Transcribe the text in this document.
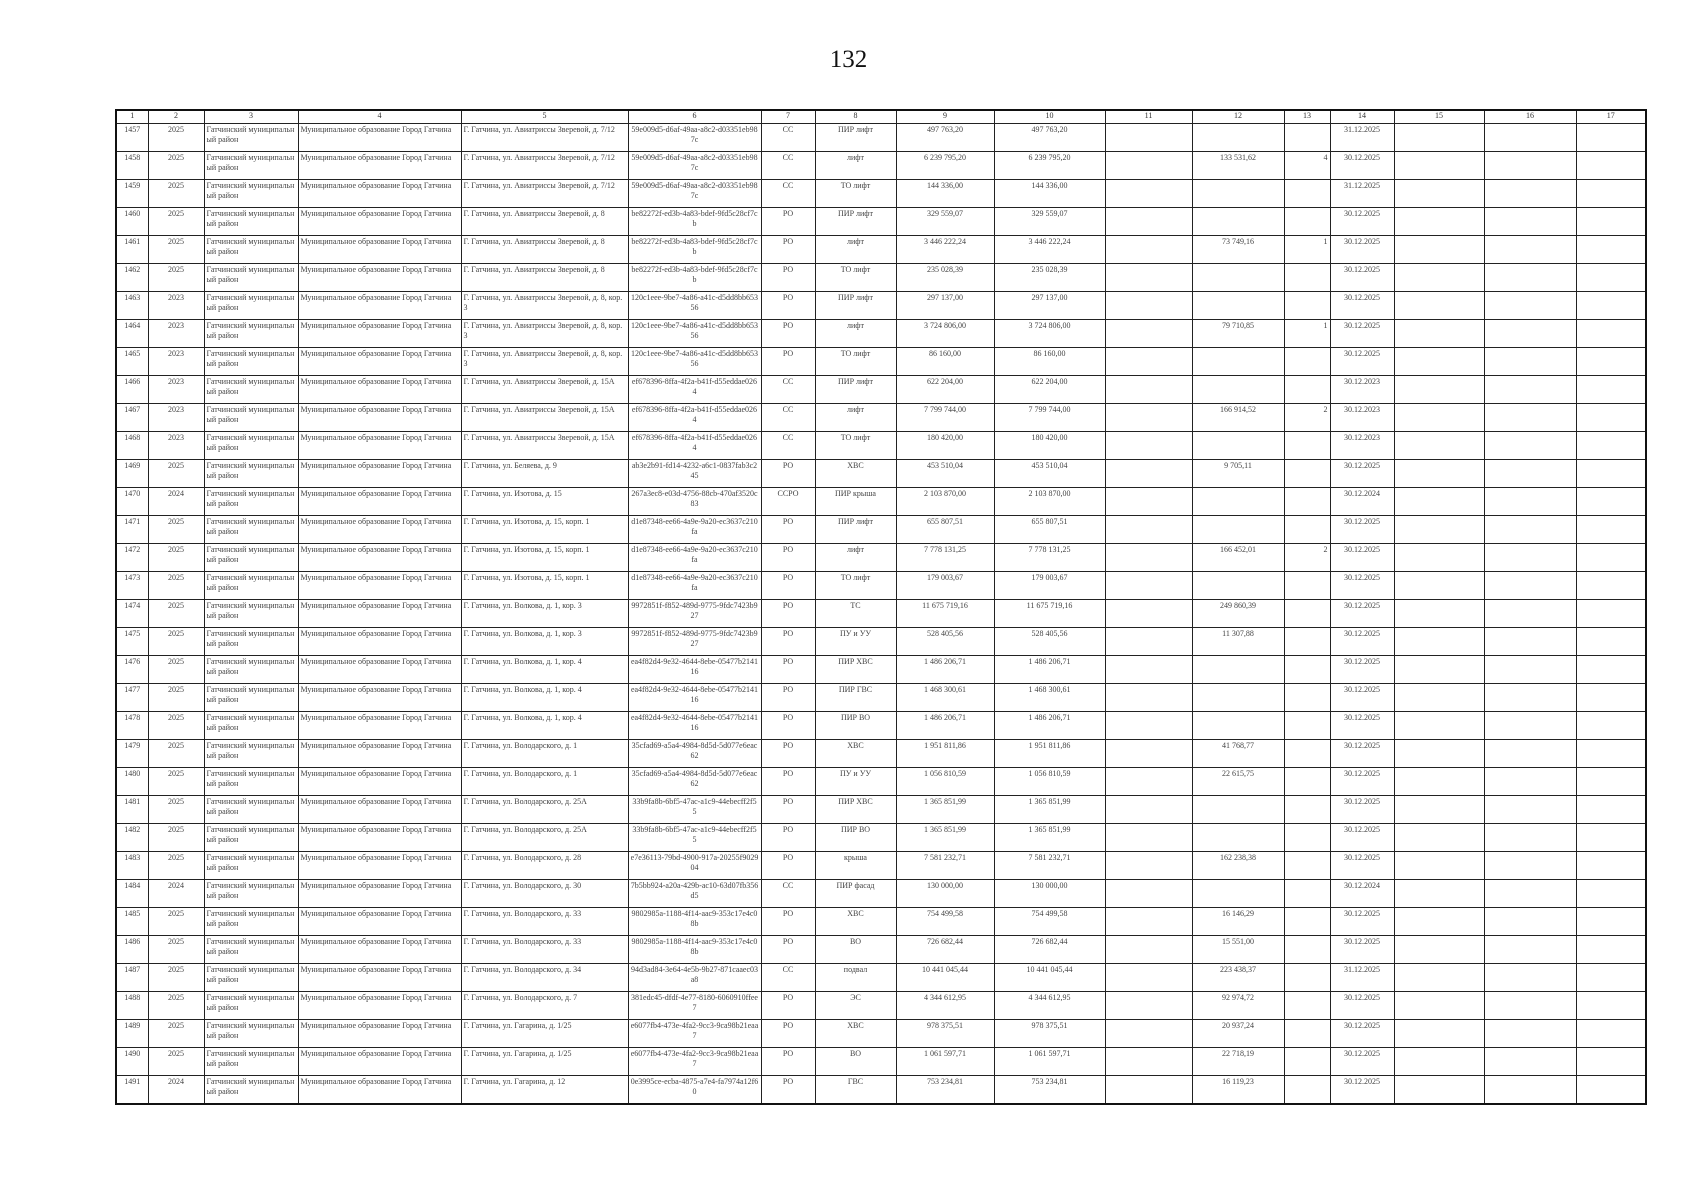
132
1	2	3	4	5	6	7	8	9	10	11	12	13	14	15	16	17
1457	2025	Гатчинский муниципальный район	Муниципальное образование Город Гатчина	Г. Гатчина, ул. Авиатриссы Зверевой, д. 7/12	59e009d5-d6af-49aa-a8c2-d03351eb987c	СС	ПИР лифт	497 763,20	497 763,20				31.12.2025			
1458	2025	Гатчинский муниципальный район	Муниципальное образование Город Гатчина	Г. Гатчина, ул. Авиатриссы Зверевой, д. 7/12	59e009d5-d6af-49aa-a8c2-d03351eb987c	СС	лифт	6 239 795,20	6 239 795,20		133 531,62	4	30.12.2025			
1459	2025	Гатчинский муниципальный район	Муниципальное образование Город Гатчина	Г. Гатчина, ул. Авиатриссы Зверевой, д. 7/12	59e009d5-d6af-49aa-a8c2-d03351eb987c	СС	ТО лифт	144 336,00	144 336,00				31.12.2025			
1460	2025	Гатчинский муниципальный район	Муниципальное образование Город Гатчина	Г. Гатчина, ул. Авиатриссы Зверевой, д. 8	be82272f-ed3b-4a83-bdef-9fd5c28cf7cb	РО	ПИР лифт	329 559,07	329 559,07				30.12.2025			
1461	2025	Гатчинский муниципальный район	Муниципальное образование Город Гатчина	Г. Гатчина, ул. Авиатриссы Зверевой, д. 8	be82272f-ed3b-4a83-bdef-9fd5c28cf7cb	РО	лифт	3 446 222,24	3 446 222,24		73 749,16	1	30.12.2025			
1462	2025	Гатчинский муниципальный район	Муниципальное образование Город Гатчина	Г. Гатчина, ул. Авиатриссы Зверевой, д. 8	be82272f-ed3b-4a83-bdef-9fd5c28cf7cb	РО	ТО лифт	235 028,39	235 028,39				30.12.2025			
1463	2023	Гатчинский муниципальный район	Муниципальное образование Город Гатчина	Г. Гатчина, ул. Авиатриссы Зверевой, д. 8, кор. 3	120c1eee-9be7-4a86-a41c-d5dd8bb65356	РО	ПИР лифт	297 137,00	297 137,00				30.12.2025			
1464	2023	Гатчинский муниципальный район	Муниципальное образование Город Гатчина	Г. Гатчина, ул. Авиатриссы Зверевой, д. 8, кор. 3	120c1eee-9be7-4a86-a41c-d5dd8bb65356	РО	лифт	3 724 806,00	3 724 806,00		79 710,85	1	30.12.2025			
1465	2023	Гатчинский муниципальный район	Муниципальное образование Город Гатчина	Г. Гатчина, ул. Авиатриссы Зверевой, д. 8, кор. 3	120c1eee-9be7-4a86-a41c-d5dd8bb65356	РО	ТО лифт	86 160,00	86 160,00				30.12.2025			
1466	2023	Гатчинский муниципальный район	Муниципальное образование Город Гатчина	Г. Гатчина, ул. Авиатриссы Зверевой, д. 15А	ef678396-8ffa-4f2a-b41f-d55eddae0264	СС	ПИР лифт	622 204,00	622 204,00				30.12.2023			
1467	2023	Гатчинский муниципальный район	Муниципальное образование Город Гатчина	Г. Гатчина, ул. Авиатриссы Зверевой, д. 15А	ef678396-8ffa-4f2a-b41f-d55eddae0264	СС	лифт	7 799 744,00	7 799 744,00		166 914,52	2	30.12.2023			
1468	2023	Гатчинский муниципальный район	Муниципальное образование Город Гатчина	Г. Гатчина, ул. Авиатриссы Зверевой, д. 15А	ef678396-8ffa-4f2a-b41f-d55eddae0264	СС	ТО лифт	180 420,00	180 420,00				30.12.2023			
1469	2025	Гатчинский муниципальный район	Муниципальное образование Город Гатчина	Г. Гатчина, ул. Беляева, д. 9	ab3e2b91-fd14-4232-a6c1-0837fab3c245	РО	ХВС	453 510,04	453 510,04		9 705,11		30.12.2025			
1470	2024	Гатчинский муниципальный район	Муниципальное образование Город Гатчина	Г. Гатчина, ул. Изотова, д. 15	267a3ec8-e03d-4756-88cb-470af3520c83	ССРО	ПИР крыша	2 103 870,00	2 103 870,00				30.12.2024			
1471	2025	Гатчинский муниципальный район	Муниципальное образование Город Гатчина	Г. Гатчина, ул. Изотова, д. 15, корп. 1	d1e87348-ee66-4a9e-9a20-ec3637c210fa	РО	ПИР лифт	655 807,51	655 807,51				30.12.2025			
1472	2025	Гатчинский муниципальный район	Муниципальное образование Город Гатчина	Г. Гатчина, ул. Изотова, д. 15, корп. 1	d1e87348-ee66-4a9e-9a20-ec3637c210fa	РО	лифт	7 778 131,25	7 778 131,25		166 452,01	2	30.12.2025			
1473	2025	Гатчинский муниципальный район	Муниципальное образование Город Гатчина	Г. Гатчина, ул. Изотова, д. 15, корп. 1	d1e87348-ee66-4a9e-9a20-ec3637c210fa	РО	ТО лифт	179 003,67	179 003,67				30.12.2025			
1474	2025	Гатчинский муниципальный район	Муниципальное образование Город Гатчина	Г. Гатчина, ул. Волкова, д. 1, кор. 3	9972851f-f852-489d-9775-9fdc7423b927	РО	ТС	11 675 719,16	11 675 719,16		249 860,39		30.12.2025			
1475	2025	Гатчинский муниципальный район	Муниципальное образование Город Гатчина	Г. Гатчина, ул. Волкова, д. 1, кор. 3	9972851f-f852-489d-9775-9fdc7423b927	РО	ПУ и УУ	528 405,56	528 405,56		11 307,88		30.12.2025			
1476	2025	Гатчинский муниципальный район	Муниципальное образование Город Гатчина	Г. Гатчина, ул. Волкова, д. 1, кор. 4	ea4f82d4-9e32-4644-8ebe-05477b214116	РО	ПИР ХВС	1 486 206,71	1 486 206,71				30.12.2025			
1477	2025	Гатчинский муниципальный район	Муниципальное образование Город Гатчина	Г. Гатчина, ул. Волкова, д. 1, кор. 4	ea4f82d4-9e32-4644-8ebe-05477b214116	РО	ПИР ГВС	1 468 300,61	1 468 300,61				30.12.2025			
1478	2025	Гатчинский муниципальный район	Муниципальное образование Город Гатчина	Г. Гатчина, ул. Волкова, д. 1, кор. 4	ea4f82d4-9e32-4644-8ebe-05477b214116	РО	ПИР ВО	1 486 206,71	1 486 206,71				30.12.2025			
1479	2025	Гатчинский муниципальный район	Муниципальное образование Город Гатчина	Г. Гатчина, ул. Володарского, д. 1	35cfad69-a5a4-4984-8d5d-5d077e6eac62	РО	ХВС	1 951 811,86	1 951 811,86		41 768,77		30.12.2025			
1480	2025	Гатчинский муниципальный район	Муниципальное образование Город Гатчина	Г. Гатчина, ул. Володарского, д. 1	35cfad69-a5a4-4984-8d5d-5d077e6eac62	РО	ПУ и УУ	1 056 810,59	1 056 810,59		22 615,75		30.12.2025			
1481	2025	Гатчинский муниципальный район	Муниципальное образование Город Гатчина	Г. Гатчина, ул. Володарского, д. 25А	33b9fa8b-6bf5-47ac-a1c9-44ebecff2f55	РО	ПИР ХВС	1 365 851,99	1 365 851,99				30.12.2025			
1482	2025	Гатчинский муниципальный район	Муниципальное образование Город Гатчина	Г. Гатчина, ул. Володарского, д. 25А	33b9fa8b-6bf5-47ac-a1c9-44ebecff2f55	РО	ПИР ВО	1 365 851,99	1 365 851,99				30.12.2025			
1483	2025	Гатчинский муниципальный район	Муниципальное образование Город Гатчина	Г. Гатчина, ул. Володарского, д. 28	e7e36113-79bd-4900-917a-20255f902904	РО	крыша	7 581 232,71	7 581 232,71		162 238,38		30.12.2025			
1484	2024	Гатчинский муниципальный район	Муниципальное образование Город Гатчина	Г. Гатчина, ул. Володарского, д. 30	7b5bb924-a20a-429b-ac10-63d07fb356d5	СС	ПИР фасад	130 000,00	130 000,00				30.12.2024			
1485	2025	Гатчинский муниципальный район	Муниципальное образование Город Гатчина	Г. Гатчина, ул. Володарского, д. 33	9802985a-1188-4f14-aac9-353c17e4c08b	РО	ХВС	754 499,58	754 499,58		16 146,29		30.12.2025			
1486	2025	Гатчинский муниципальный район	Муниципальное образование Город Гатчина	Г. Гатчина, ул. Володарского, д. 33	9802985a-1188-4f14-aac9-353c17e4c08b	РО	ВО	726 682,44	726 682,44		15 551,00		30.12.2025			
1487	2025	Гатчинский муниципальный район	Муниципальное образование Город Гатчина	Г. Гатчина, ул. Володарского, д. 34	94d3ad84-3e64-4e5b-9b27-871caaec03a8	СС	подвал	10 441 045,44	10 441 045,44		223 438,37		31.12.2025			
1488	2025	Гатчинский муниципальный район	Муниципальное образование Город Гатчина	Г. Гатчина, ул. Володарского, д. 7	381edc45-dfdf-4e77-8180-6060910ffee7	РО	ЭС	4 344 612,95	4 344 612,95		92 974,72		30.12.2025			
1489	2025	Гатчинский муниципальный район	Муниципальное образование Город Гатчина	Г. Гатчина, ул. Гагарина, д. 1/25	e6077fb4-473e-4fa2-9cc3-9ca98b21eaa7	РО	ХВС	978 375,51	978 375,51		20 937,24		30.12.2025			
1490	2025	Гатчинский муниципальный район	Муниципальное образование Город Гатчина	Г. Гатчина, ул. Гагарина, д. 1/25	e6077fb4-473e-4fa2-9cc3-9ca98b21eaa7	РО	ВО	1 061 597,71	1 061 597,71		22 718,19		30.12.2025			
1491	2024	Гатчинский муниципальный район	Муниципальное образование Город Гатчина	Г. Гатчина, ул. Гагарина, д. 12	0e3995ce-ecba-4875-a7e4-fa7974a12f60	РО	ГВС	753 234,81	753 234,81		16 119,23		30.12.2025			
